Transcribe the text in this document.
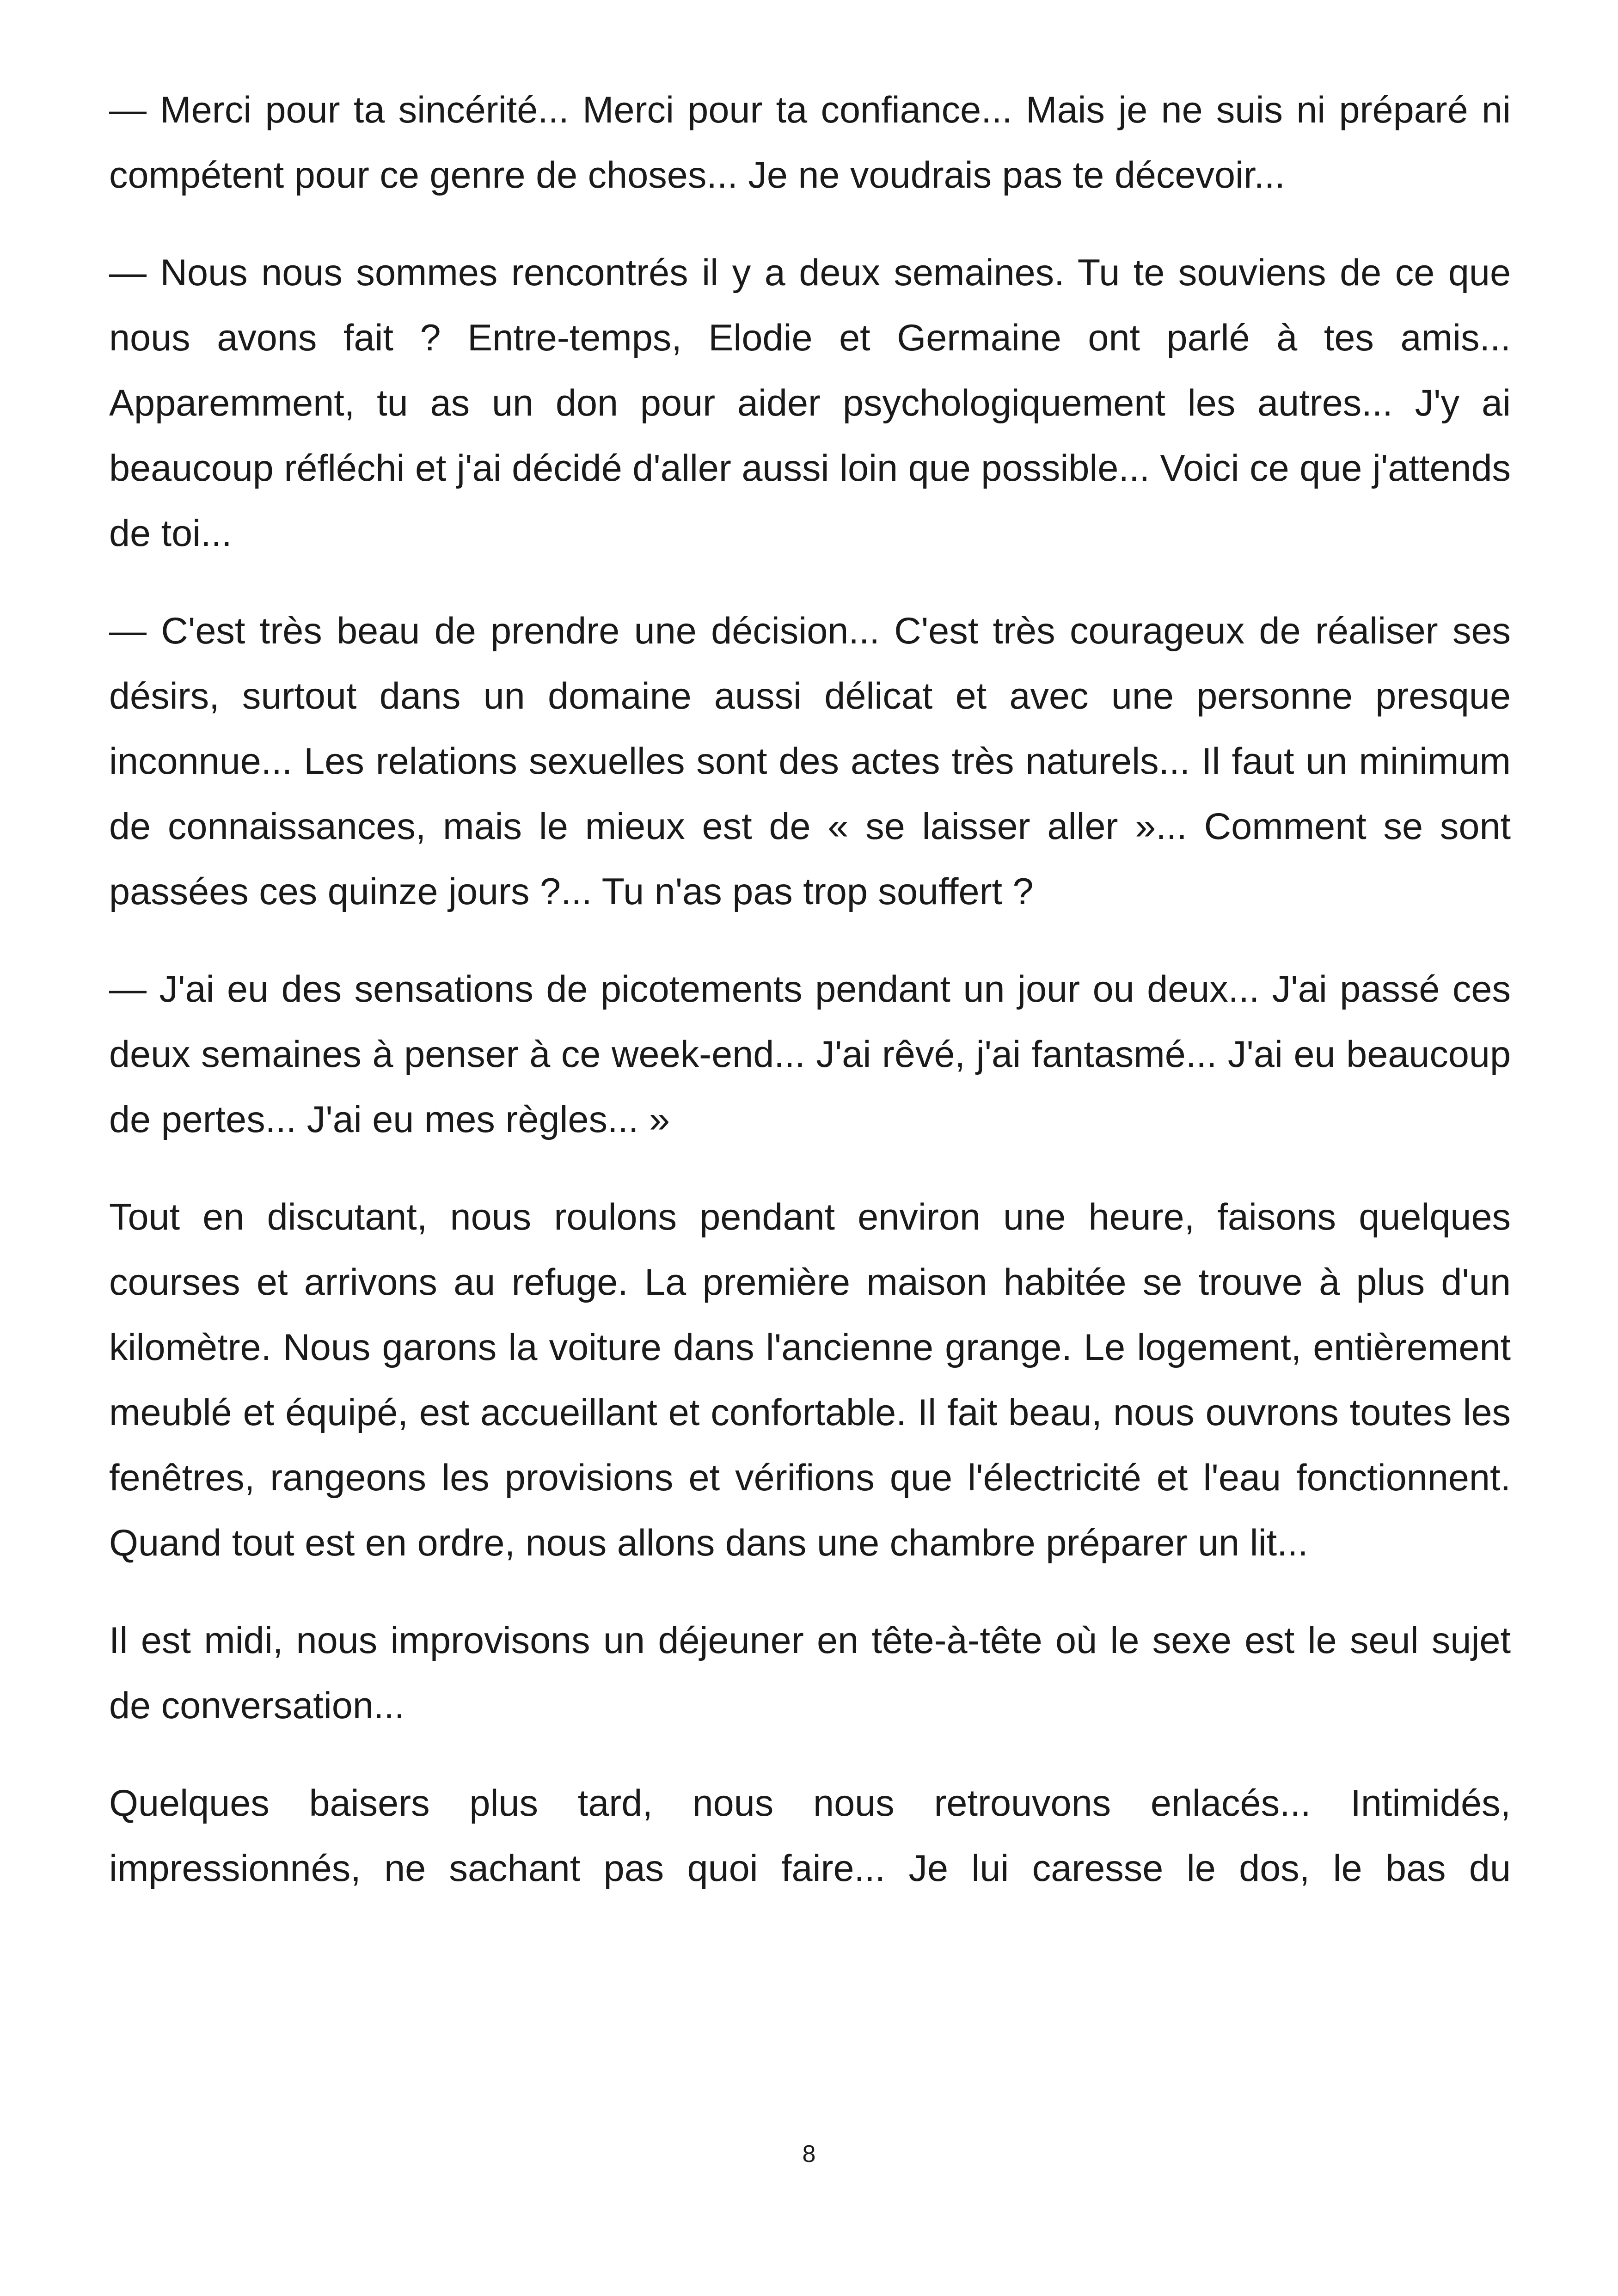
— Merci pour ta sincérité... Merci pour ta confiance... Mais je ne suis ni préparé ni compétent pour ce genre de choses... Je ne voudrais pas te décevoir...

— Nous nous sommes rencontrés il y a deux semaines. Tu te souviens de ce que nous avons fait ? Entre-temps, Elodie et Germaine ont parlé à tes amis... Apparemment, tu as un don pour aider psychologiquement les autres... J'y ai beaucoup réfléchi et j'ai décidé d'aller aussi loin que possible... Voici ce que j'attends de toi...

— C'est très beau de prendre une décision... C'est très courageux de réaliser ses désirs, surtout dans un domaine aussi délicat et avec une personne presque inconnue... Les relations sexuelles sont des actes très naturels... Il faut un minimum de connaissances, mais le mieux est de « se laisser aller »... Comment se sont passées ces quinze jours ?... Tu n'as pas trop souffert ?

— J'ai eu des sensations de picotements pendant un jour ou deux... J'ai passé ces deux semaines à penser à ce week-end... J'ai rêvé, j'ai fantasmé... J'ai eu beaucoup de pertes... J'ai eu mes règles... »

Tout en discutant, nous roulons pendant environ une heure, faisons quelques courses et arrivons au refuge. La première maison habitée se trouve à plus d'un kilomètre. Nous garons la voiture dans l'ancienne grange. Le logement, entièrement meublé et équipé, est accueillant et confortable. Il fait beau, nous ouvrons toutes les fenêtres, rangeons les provisions et vérifions que l'électricité et l'eau fonctionnent. Quand tout est en ordre, nous allons dans une chambre préparer un lit...

Il est midi, nous improvisons un déjeuner en tête-à-tête où le sexe est le seul sujet de conversation...

Quelques baisers plus tard, nous nous retrouvons enlacés... Intimidés, impressionnés, ne sachant pas quoi faire... Je lui caresse le dos, le bas du

8
